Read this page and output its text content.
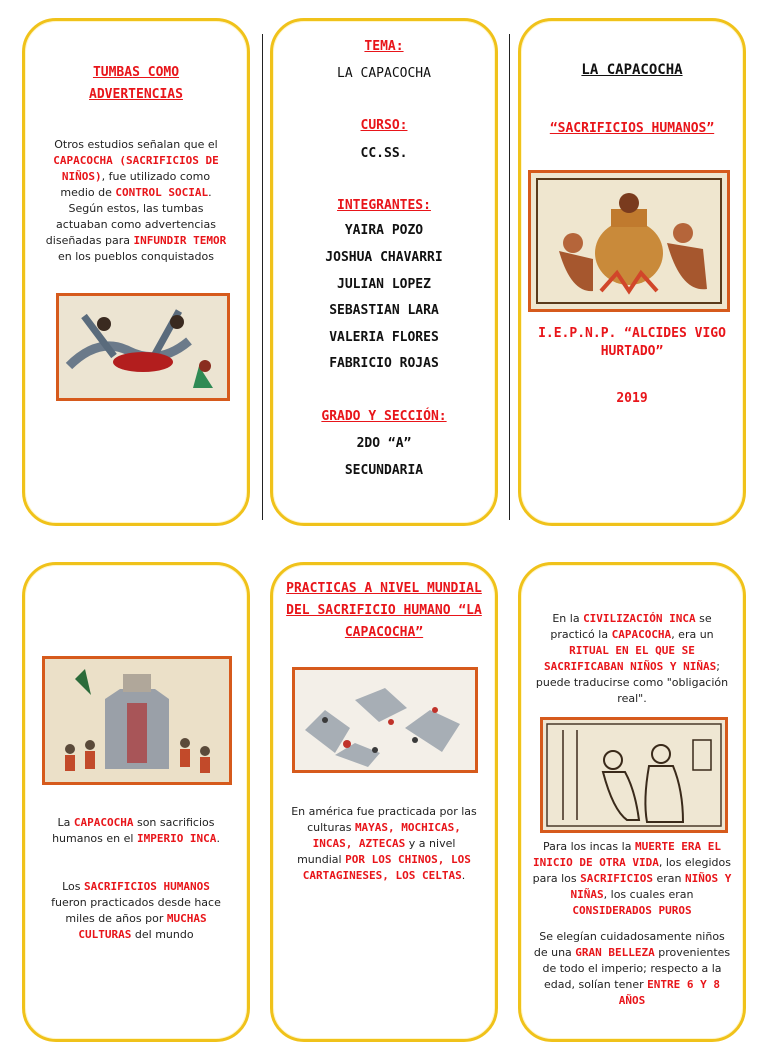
TUMBAS COMO ADVERTENCIAS
Otros estudios señalan que el CAPACOCHA (SACRIFICIOS DE NIÑOS), fue utilizado como medio de CONTROL SOCIAL. Según estos, las tumbas actuaban como advertencias diseñadas para INFUNDIR TEMOR en los pueblos conquistados
TEMA:
LA CAPACOCHA
CURSO:
CC.SS.
INTEGRANTES:
YAIRA POZO
JOSHUA CHAVARRI
JULIAN LOPEZ
SEBASTIAN LARA
VALERIA FLORES
FABRICIO ROJAS
GRADO Y SECCIÓN:
2DO “A”
SECUNDARIA
LA CAPACOCHA
“SACRIFICIOS HUMANOS”
I.E.P.N.P. “ALCIDES VIGO HURTADO”
2019
La CAPACOCHA son sacrificios humanos en el IMPERIO INCA.
Los SACRIFICIOS HUMANOS fueron practicados desde hace miles de años por MUCHAS CULTURAS del mundo
PRACTICAS A NIVEL MUNDIAL DEL SACRIFICIO HUMANO “LA CAPACOCHA”
En américa fue practicada por las culturas MAYAS, MOCHICAS, INCAS, AZTECAS y a nivel mundial POR LOS CHINOS, LOS CARTAGINESES, LOS CELTAS.
En la CIVILIZACIÓN INCA se practicó la CAPACOCHA, era un RITUAL EN EL QUE SE SACRIFICABAN NIÑOS Y NIÑAS; puede traducirse como "obligación real".
Para los incas la MUERTE ERA EL INICIO DE OTRA VIDA, los elegidos para los SACRIFICIOS eran NIÑOS Y NIÑAS, los cuales eran CONSIDERADOS PUROS
Se elegían cuidadosamente niños de una GRAN BELLEZA provenientes de todo el imperio; respecto a la edad, solían tener ENTRE 6 Y 8 AÑOS
